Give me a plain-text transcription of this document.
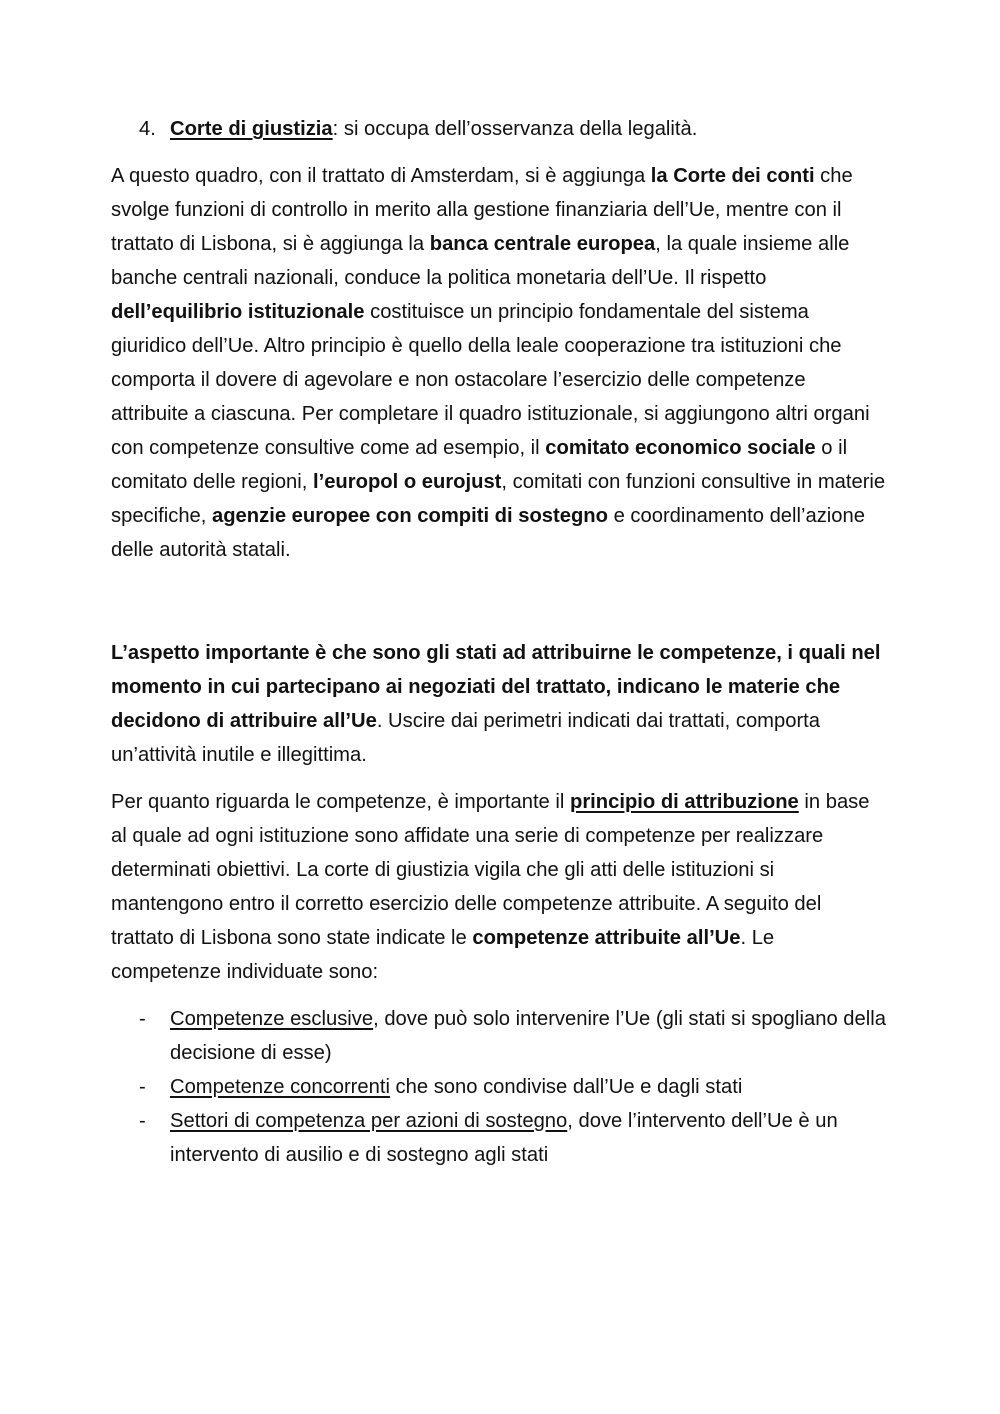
4. Corte di giustizia: si occupa dell’osservanza della legalità.

A questo quadro, con il trattato di Amsterdam, si è aggiunga la Corte dei conti che svolge funzioni di controllo in merito alla gestione finanziaria dell’Ue, mentre con il trattato di Lisbona, si è aggiunga la banca centrale europea, la quale insieme alle banche centrali nazionali, conduce la politica monetaria dell’Ue. Il rispetto dell’equilibrio istituzionale costituisce un principio fondamentale del sistema giuridico dell’Ue. Altro principio è quello della leale cooperazione tra istituzioni che comporta il dovere di agevolare e non ostacolare l’esercizio delle competenze attribuite a ciascuna. Per completare il quadro istituzionale, si aggiungono altri organi con competenze consultive come ad esempio, il comitato economico sociale o il comitato delle regioni, l’europol o eurojust, comitati con funzioni consultive in materie specifiche, agenzie europee con compiti di sostegno e coordinamento dell’azione delle autorità statali.

L’aspetto importante è che sono gli stati ad attribuirne le competenze, i quali nel momento in cui partecipano ai negoziati del trattato, indicano le materie che decidono di attribuire all’Ue. Uscire dai perimetri indicati dai trattati, comporta un’attività inutile e illegittima.

Per quanto riguarda le competenze, è importante il principio di attribuzione in base al quale ad ogni istituzione sono affidate una serie di competenze per realizzare determinati obiettivi. La corte di giustizia vigila che gli atti delle istituzioni si mantengono entro il corretto esercizio delle competenze attribuite. A seguito del trattato di Lisbona sono state indicate le competenze attribuite all’Ue. Le competenze individuate sono:

-	Competenze esclusive, dove può solo intervenire l’Ue (gli stati si spogliano della decisione di esse)
-	Competenze concorrenti che sono condivise dall’Ue e dagli stati
-	Settori di competenza per azioni di sostegno, dove l’intervento dell’Ue è un intervento di ausilio e di sostegno agli stati
